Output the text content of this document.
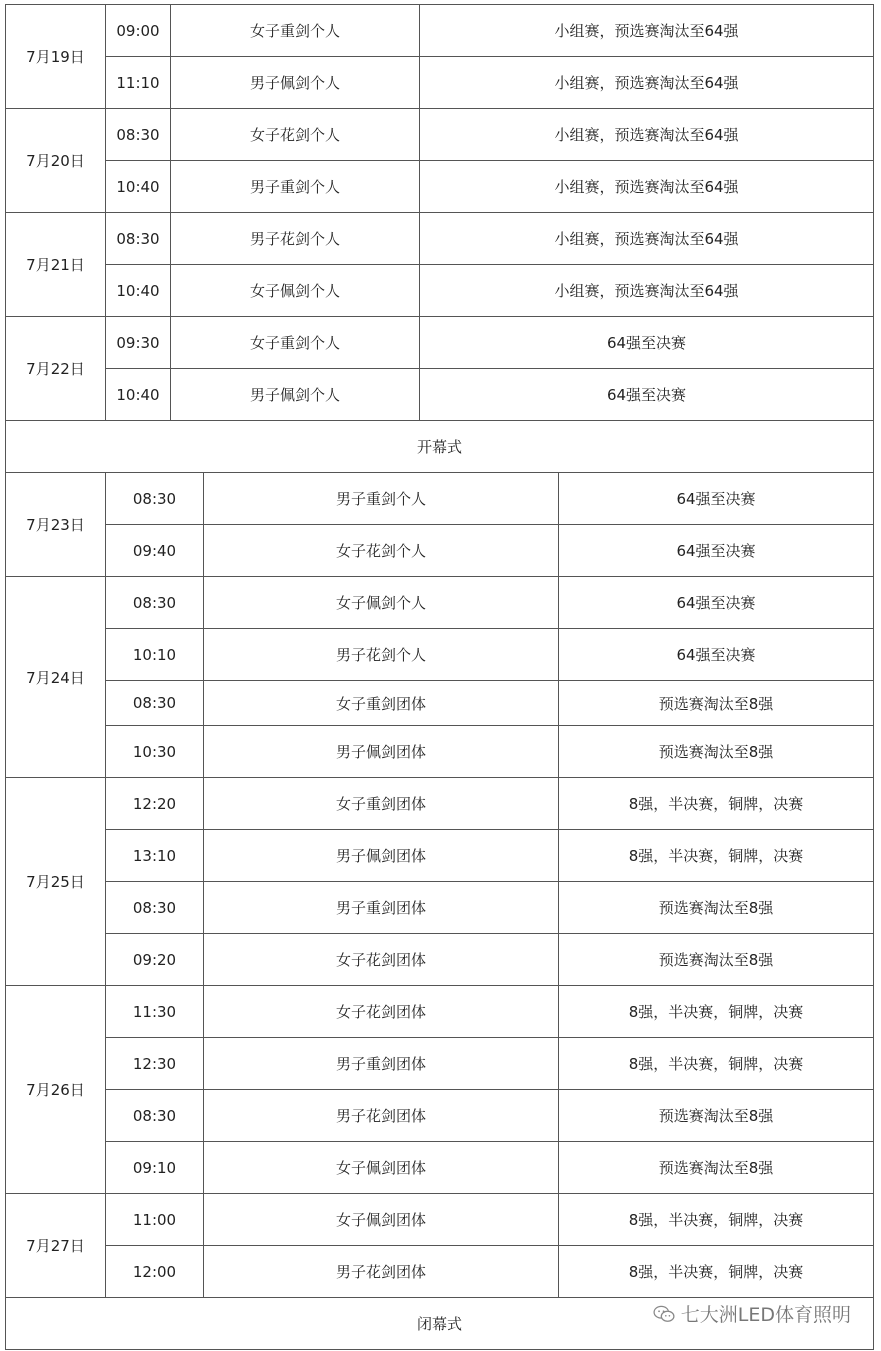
7月19日	09:00	女子重剑个人	小组赛，预选赛淘汰至64强
	11:10	男子佩剑个人	小组赛，预选赛淘汰至64强
7月20日	08:30	女子花剑个人	小组赛，预选赛淘汰至64强
	10:40	男子重剑个人	小组赛，预选赛淘汰至64强
7月21日	08:30	男子花剑个人	小组赛，预选赛淘汰至64强
	10:40	女子佩剑个人	小组赛，预选赛淘汰至64强
7月22日	09:30	女子重剑个人	64强至决赛
	10:40	男子佩剑个人	64强至决赛
开幕式			
7月23日	08:30	男子重剑个人	64强至决赛
	09:40	女子花剑个人	64强至决赛
7月24日	08:30	女子佩剑个人	64强至决赛
	10:10	男子花剑个人	64强至决赛
	08:30	女子重剑团体	预选赛淘汰至8强
	10:30	男子佩剑团体	预选赛淘汰至8强
7月25日	12:20	女子重剑团体	8强，半决赛，铜牌，决赛
	13:10	男子佩剑团体	8强，半决赛，铜牌，决赛
	08:30	男子重剑团体	预选赛淘汰至8强
	09:20	女子花剑团体	预选赛淘汰至8强
7月26日	11:30	女子花剑团体	8强，半决赛，铜牌，决赛
	12:30	男子重剑团体	8强，半决赛，铜牌，决赛
	08:30	男子花剑团体	预选赛淘汰至8强
	09:10	女子佩剑团体	预选赛淘汰至8强
7月27日	11:00	女子佩剑团体	8强，半决赛，铜牌，决赛
	12:00	男子花剑团体	8强，半决赛，铜牌，决赛
闭幕式				七大洲LED体育照明
